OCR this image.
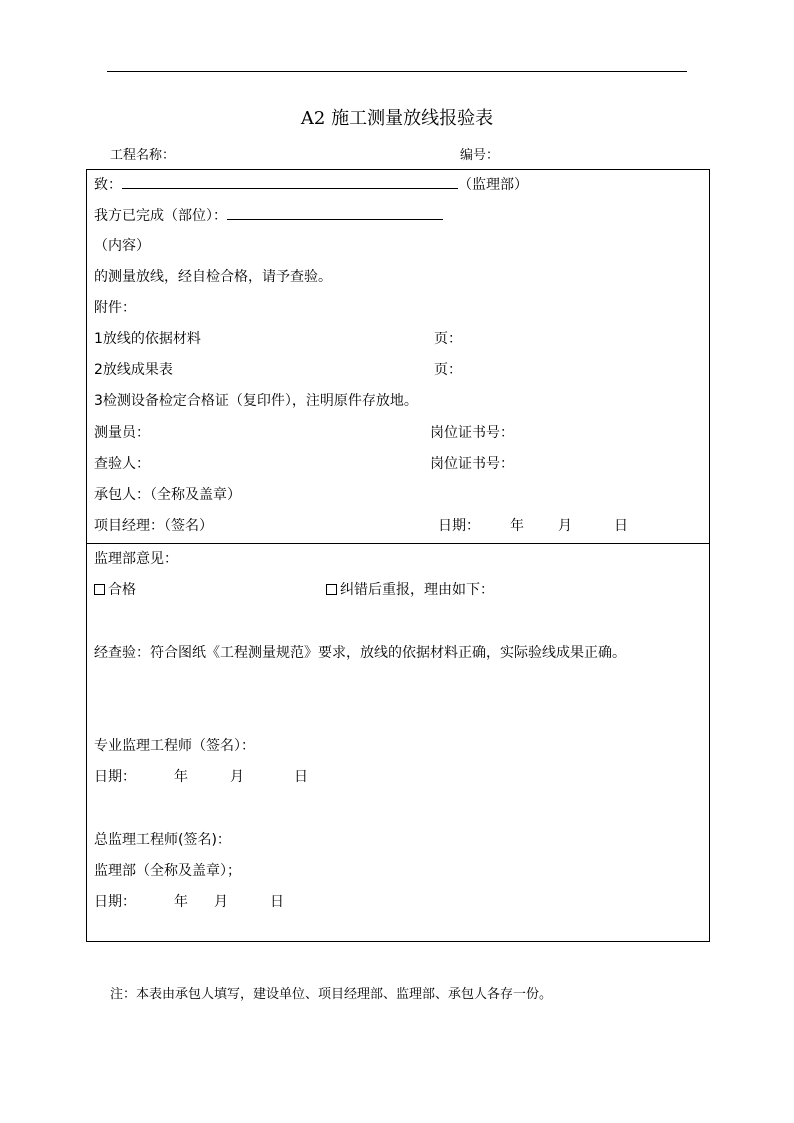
A2 施工测量放线报验表
工程名称：	编号：
致：	（监理部）
我方已完成（部位）：
（内容）
的测量放线，经自检合格，请予查验。
附件：
1放线的依据材料	页：
2放线成果表	页：
3检测设备检定合格证（复印件），注明原件存放地。
测量员：	岗位证书号：
查验人：	岗位证书号：
承包人：（全称及盖章）
项目经理：（签名）	日期： 年 月	日
监理部意见：
合格	纠错后重报，理由如下：
经查验：符合图纸《工程测量规范》要求，放线的依据材料正确，实际验线成果正确。
专业监理工程师（签名）：
日期：	年	月	日
总监理工程师(签名)：
监理部（全称及盖章）；
日期：	年 月	日
注：本表由承包人填写，建设单位、项目经理部、监理部、承包人各存一份。
